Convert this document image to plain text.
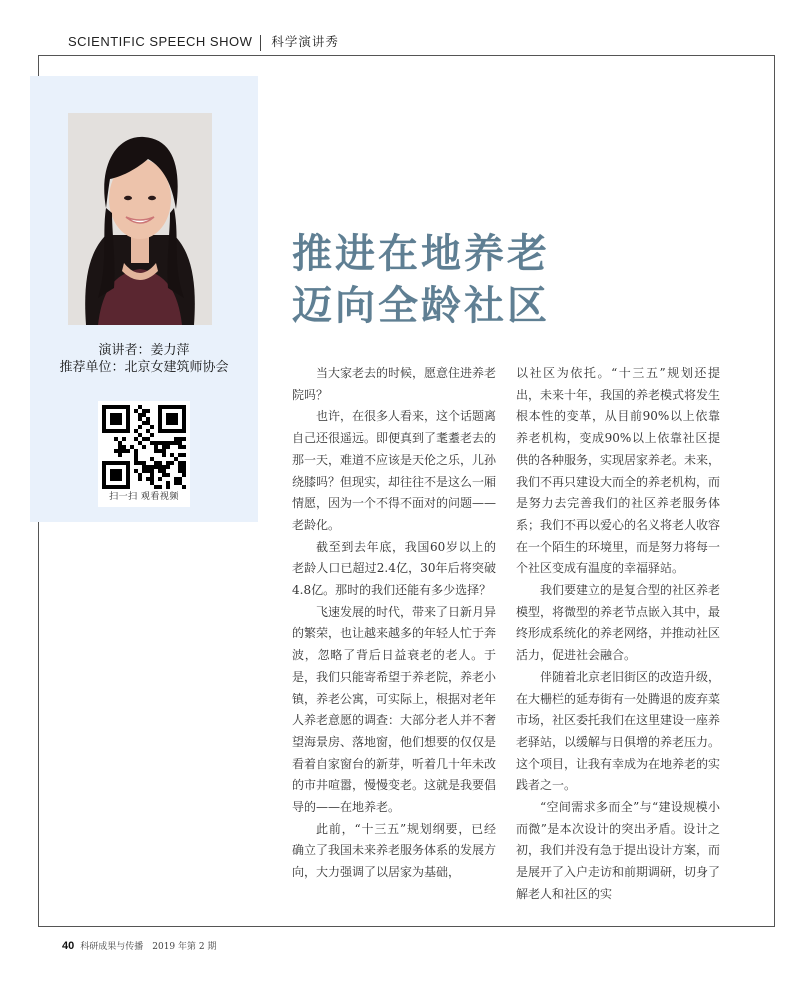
SCIENTIFIC SPEECH SHOW 科学演讲秀
演讲者：姜力萍
推荐单位：北京女建筑师协会
扫一扫 观看视频
推进在地养老
迈向全龄社区

当大家老去的时候，愿意住进养老院吗？

也许，在很多人看来，这个话题离自己还很遥远。即便真到了耄耋老去的那一天，难道不应该是天伦之乐，儿孙绕膝吗？但现实，却往往不是这么一厢情愿，因为一个不得不面对的问题——老龄化。

截至到去年底，我国60岁以上的老龄人口已超过2.4亿，30年后将突破4.8亿。那时的我们还能有多少选择？

飞速发展的时代，带来了日新月异的繁荣，也让越来越多的年轻人忙于奔波，忽略了背后日益衰老的老人。于是，我们只能寄希望于养老院，养老小镇，养老公寓，可实际上，根据对老年人养老意愿的调查：大部分老人并不奢望海景房、落地窗，他们想要的仅仅是看着自家窗台的新芽，听着几十年未改的市井喧嚣，慢慢变老。这就是我要倡导的——在地养老。

此前，“十三五”规划纲要，已经确立了我国未来养老服务体系的发展方向，大力强调了以居家为基础，

以社区为依托。“十三五”规划还提出，未来十年，我国的养老模式将发生根本性的变革，从目前90%以上依靠养老机构，变成90%以上依靠社区提供的各种服务，实现居家养老。未来，我们不再只建设大而全的养老机构，而是努力去完善我们的社区养老服务体系；我们不再以爱心的名义将老人收容在一个陌生的环境里，而是努力将每一个社区变成有温度的幸福驿站。

我们要建立的是复合型的社区养老模型，将微型的养老节点嵌入其中，最终形成系统化的养老网络，并推动社区活力，促进社会融合。

伴随着北京老旧街区的改造升级，在大栅栏的延寿街有一处腾退的废弃菜市场，社区委托我们在这里建设一座养老驿站，以缓解与日俱增的养老压力。这个项目，让我有幸成为在地养老的实践者之一。

“空间需求多而全”与“建设规模小而微”是本次设计的突出矛盾。设计之初，我们并没有急于提出设计方案，而是展开了入户走访和前期调研，切身了解老人和社区的实

40 科研成果与传播　2019 年第 2 期
